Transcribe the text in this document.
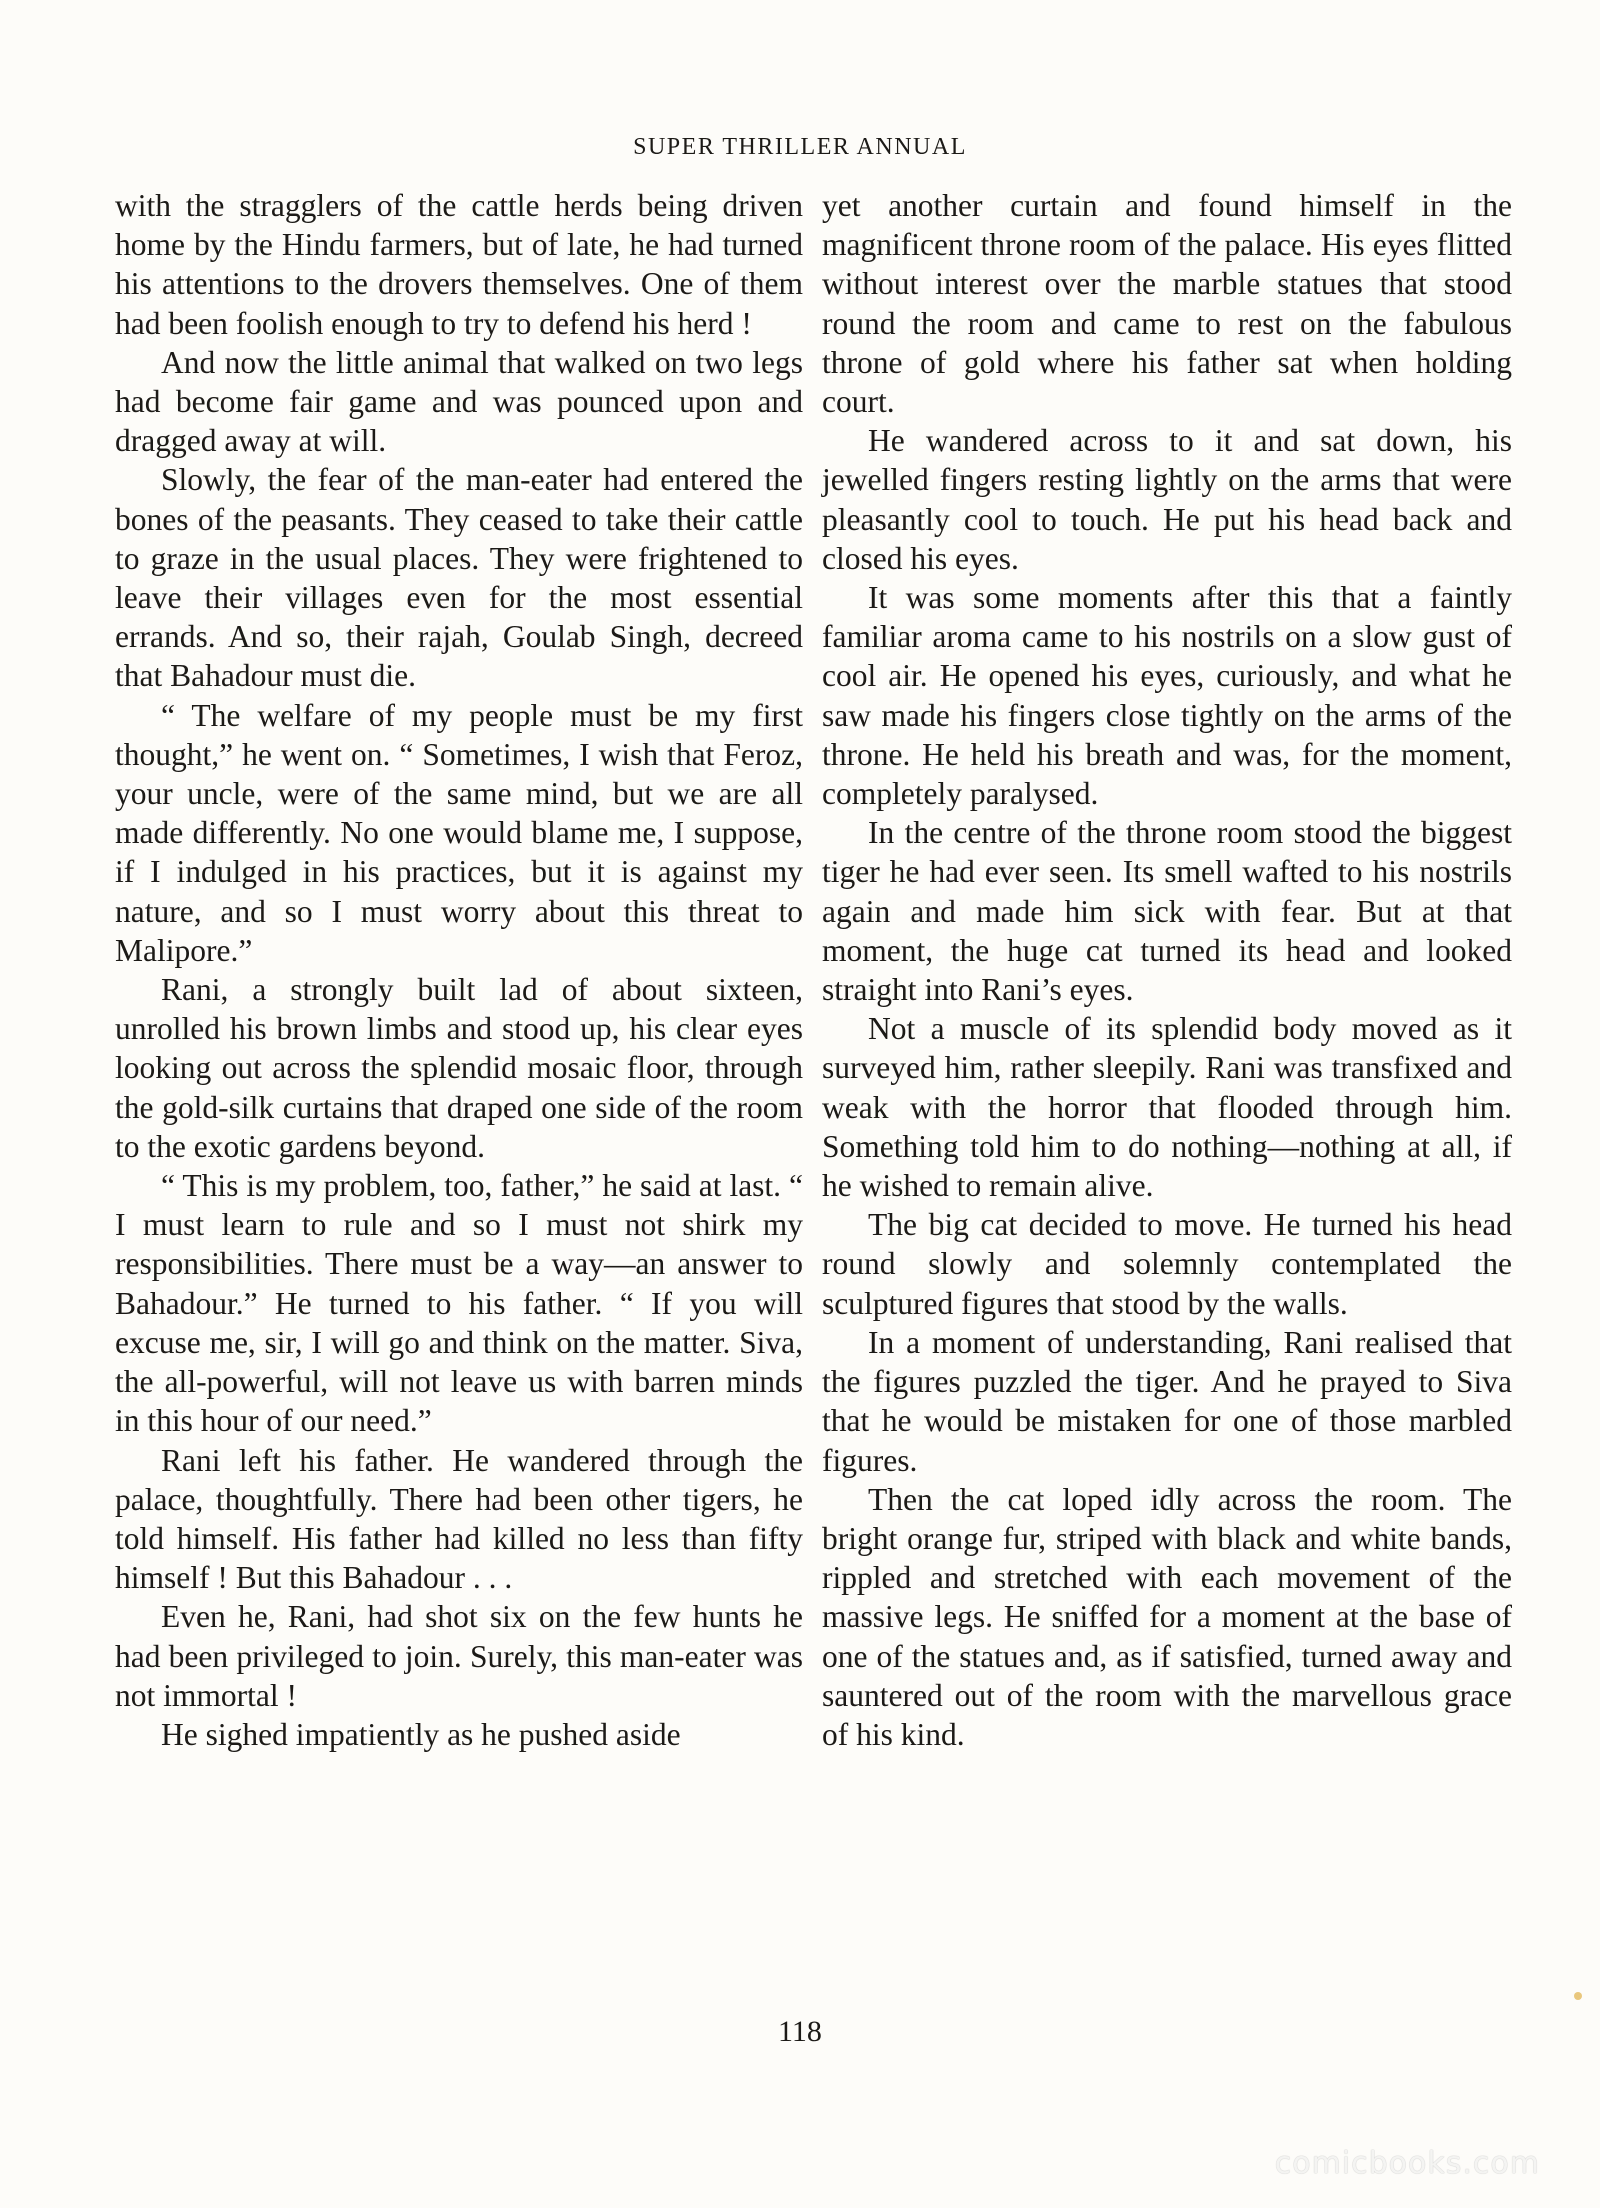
SUPER THRILLER ANNUAL

with the stragglers of the cattle herds being driven home by the Hindu farmers, but of late, he had turned his attentions to the drovers themselves. One of them had been foolish enough to try to defend his herd !

And now the little animal that walked on two legs had become fair game and was pounced upon and dragged away at will.

Slowly, the fear of the man-eater had entered the bones of the peasants. They ceased to take their cattle to graze in the usual places. They were frightened to leave their villages even for the most essential errands. And so, their rajah, Goulab Singh, decreed that Bahadour must die.

“ The welfare of my people must be my first thought,” he went on. “ Sometimes, I wish that Feroz, your uncle, were of the same mind, but we are all made differently. No one would blame me, I suppose, if I indulged in his practices, but it is against my nature, and so I must worry about this threat to Malipore.”

Rani, a strongly built lad of about sixteen, unrolled his brown limbs and stood up, his clear eyes looking out across the splendid mosaic floor, through the gold-silk curtains that draped one side of the room to the exotic gardens beyond.

“ This is my problem, too, father,” he said at last. “ I must learn to rule and so I must not shirk my responsibilities. There must be a way—an answer to Bahadour.” He turned to his father. “ If you will excuse me, sir, I will go and think on the matter. Siva, the all-powerful, will not leave us with barren minds in this hour of our need.”

Rani left his father. He wandered through the palace, thoughtfully. There had been other tigers, he told himself. His father had killed no less than fifty himself ! But this Bahadour . . .

Even he, Rani, had shot six on the few hunts he had been privileged to join. Surely, this man-eater was not immortal !

He sighed impatiently as he pushed aside

yet another curtain and found himself in the magnificent throne room of the palace. His eyes flitted without interest over the marble statues that stood round the room and came to rest on the fabulous throne of gold where his father sat when holding court.

He wandered across to it and sat down, his jewelled fingers resting lightly on the arms that were pleasantly cool to touch. He put his head back and closed his eyes.

It was some moments after this that a faintly familiar aroma came to his nostrils on a slow gust of cool air. He opened his eyes, curiously, and what he saw made his fingers close tightly on the arms of the throne. He held his breath and was, for the moment, completely paralysed.

In the centre of the throne room stood the biggest tiger he had ever seen. Its smell wafted to his nostrils again and made him sick with fear. But at that moment, the huge cat turned its head and looked straight into Rani’s eyes.

Not a muscle of its splendid body moved as it surveyed him, rather sleepily. Rani was transfixed and weak with the horror that flooded through him. Something told him to do nothing—nothing at all, if he wished to remain alive.

The big cat decided to move. He turned his head round slowly and solemnly contemplated the sculptured figures that stood by the walls.

In a moment of understanding, Rani realised that the figures puzzled the tiger. And he prayed to Siva that he would be mistaken for one of those marbled figures.

Then the cat loped idly across the room. The bright orange fur, striped with black and white bands, rippled and stretched with each movement of the massive legs. He sniffed for a moment at the base of one of the statues and, as if satisfied, turned away and sauntered out of the room with the marvellous grace of his kind.

118
comicbooks.com
